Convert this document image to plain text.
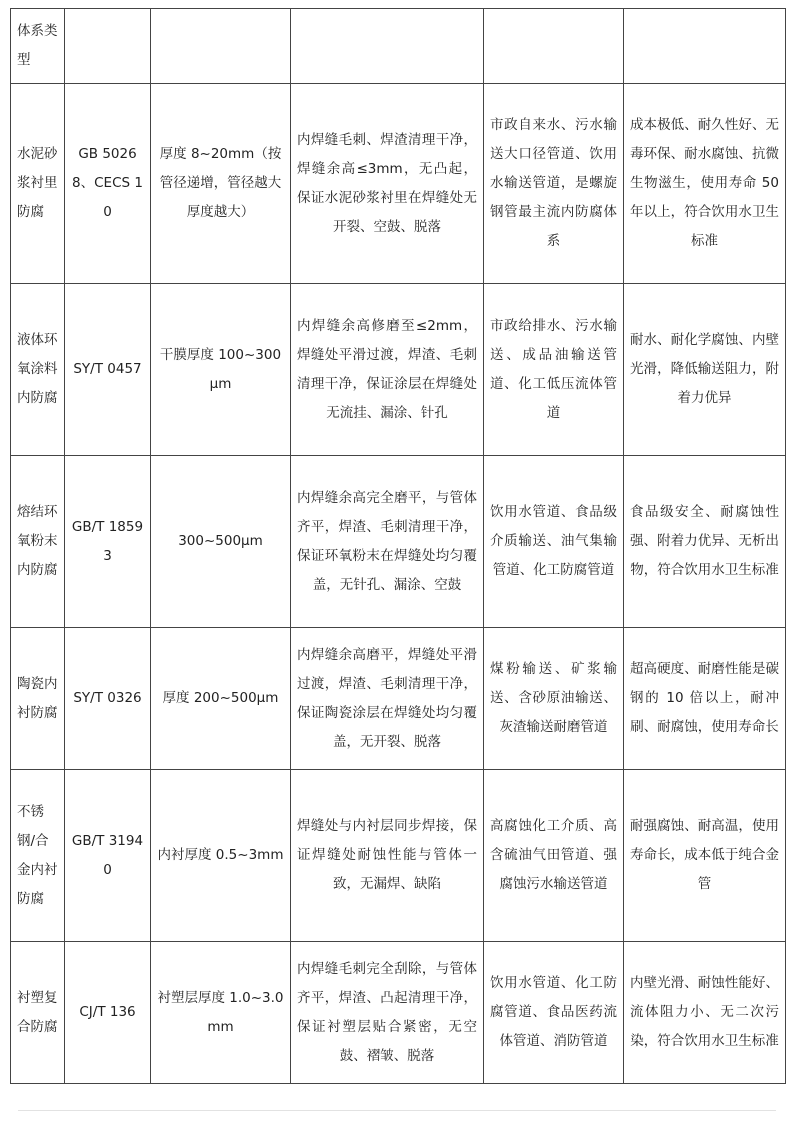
体系类型					
水泥砂浆衬里防腐	GB 50268、CECS 10	厚度 8~20mm（按管径递增，管径越大厚度越大）	内焊缝毛刺、焊渣清理干净，焊缝余高≤3mm，无凸起，保证水泥砂浆衬里在焊缝处无开裂、空鼓、脱落	市政自来水、污水输送大口径管道、饮用水输送管道，是螺旋钢管最主流内防腐体系	成本极低、耐久性好、无毒环保、耐水腐蚀、抗微生物滋生，使用寿命 50 年以上，符合饮用水卫生标准
液体环氧涂料内防腐	SY/T 0457	干膜厚度 100~300μm	内焊缝余高修磨至≤2mm，焊缝处平滑过渡，焊渣、毛刺清理干净，保证涂层在焊缝处无流挂、漏涂、针孔	市政给排水、污水输送、成品油输送管道、化工低压流体管道	耐水、耐化学腐蚀、内壁光滑，降低输送阻力，附着力优异
熔结环氧粉末内防腐	GB/T 18593	300~500μm	内焊缝余高完全磨平，与管体齐平，焊渣、毛刺清理干净，保证环氧粉末在焊缝处均匀覆盖，无针孔、漏涂、空鼓	饮用水管道、食品级介质输送、油气集输管道、化工防腐管道	食品级安全、耐腐蚀性强、附着力优异、无析出物，符合饮用水卫生标准
陶瓷内衬防腐	SY/T 0326	厚度 200~500μm	内焊缝余高磨平，焊缝处平滑过渡，焊渣、毛刺清理干净，保证陶瓷涂层在焊缝处均匀覆盖，无开裂、脱落	煤粉输送、矿浆输送、含砂原油输送、灰渣输送耐磨管道	超高硬度、耐磨性能是碳钢的 10 倍以上，耐冲刷、耐腐蚀，使用寿命长
不锈钢/合金内衬防腐	GB/T 31940	内衬厚度 0.5~3mm	焊缝处与内衬层同步焊接，保证焊缝处耐蚀性能与管体一致，无漏焊、缺陷	高腐蚀化工介质、高含硫油气田管道、强腐蚀污水输送管道	耐强腐蚀、耐高温，使用寿命长，成本低于纯合金管
衬塑复合防腐	CJ/T 136	衬塑层厚度 1.0~3.0mm	内焊缝毛刺完全刮除，与管体齐平，焊渣、凸起清理干净，保证衬塑层贴合紧密，无空鼓、褶皱、脱落	饮用水管道、化工防腐管道、食品医药流体管道、消防管道	内壁光滑、耐蚀性能好、流体阻力小、无二次污染，符合饮用水卫生标准
